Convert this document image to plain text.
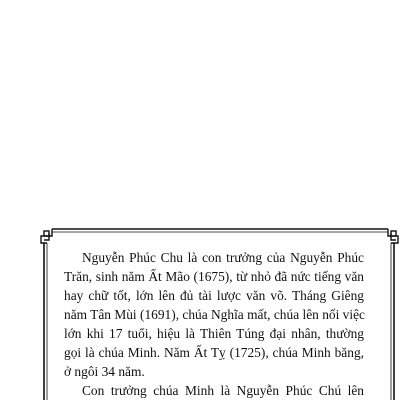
Nguyễn Phúc Chu là con trưởng của Nguyễn Phúc
Trăn, sinh năm Ất Mão (1675), từ nhỏ đã nức tiếng văn
hay chữ tốt, lớn lên đủ tài lược văn võ. Tháng Giêng
năm Tân Mùi (1691), chúa Nghĩa mất, chúa lên nối việc
lớn khi 17 tuổi, hiệu là Thiên Túng đại nhân, thường
gọi là chúa Minh. Năm Ất Tỵ (1725), chúa Minh băng,
ở ngôi 34 năm.
Con trưởng chúa Minh là Nguyễn Phúc Chú lên
